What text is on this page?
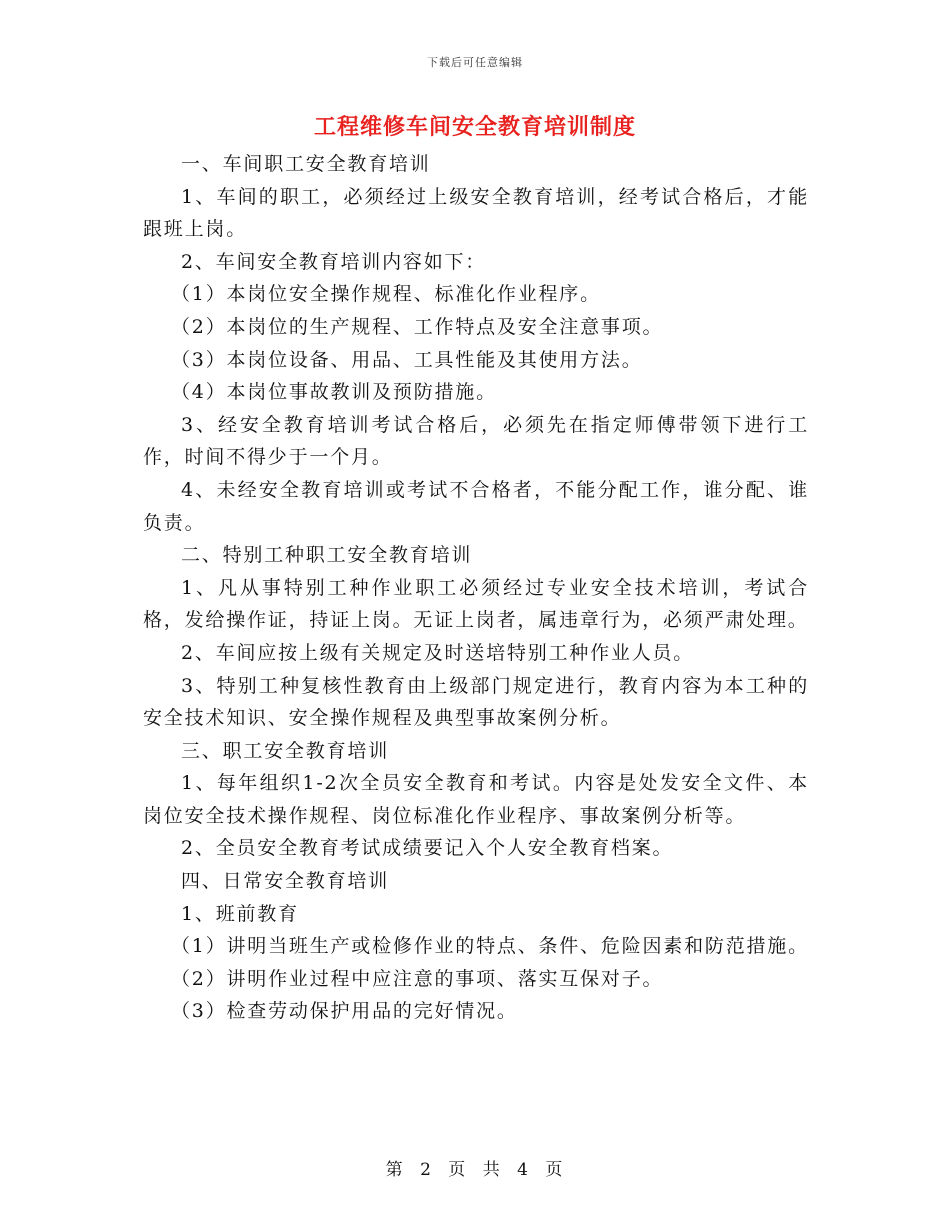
下载后可任意编辑
工程维修车间安全教育培训制度

一、车间职工安全教育培训

1、车间的职工，必须经过上级安全教育培训，经考试合格后，才能跟班上岗。

2、车间安全教育培训内容如下：

（1）本岗位安全操作规程、标准化作业程序。

（2）本岗位的生产规程、工作特点及安全注意事项。

（3）本岗位设备、用品、工具性能及其使用方法。

（4）本岗位事故教训及预防措施。

3、经安全教育培训考试合格后，必须先在指定师傅带领下进行工作，时间不得少于一个月。

4、未经安全教育培训或考试不合格者，不能分配工作，谁分配、谁负责。

二、特别工种职工安全教育培训

1、凡从事特别工种作业职工必须经过专业安全技术培训，考试合格，发给操作证，持证上岗。无证上岗者，属违章行为，必须严肃处理。

2、车间应按上级有关规定及时送培特别工种作业人员。

3、特别工种复核性教育由上级部门规定进行，教育内容为本工种的安全技术知识、安全操作规程及典型事故案例分析。

三、职工安全教育培训

1、每年组织1-2次全员安全教育和考试。内容是处发安全文件、本岗位安全技术操作规程、岗位标准化作业程序、事故案例分析等。

2、全员安全教育考试成绩要记入个人安全教育档案。

四、日常安全教育培训

1、班前教育

（1）讲明当班生产或检修作业的特点、条件、危险因素和防范措施。

（2）讲明作业过程中应注意的事项、落实互保对子。

（3）检查劳动保护用品的完好情况。

第 2 页 共 4 页
